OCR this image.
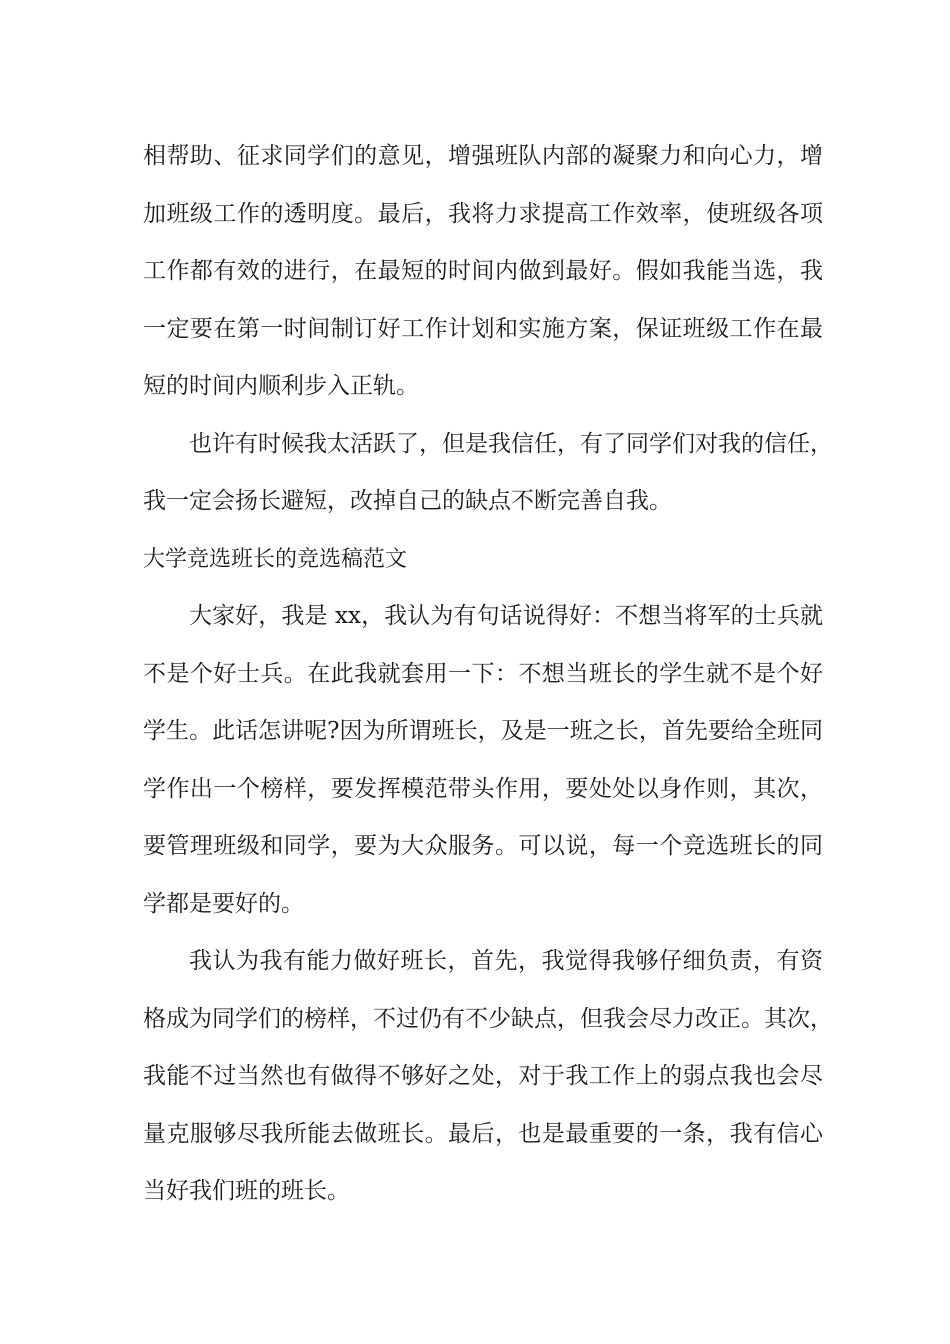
相帮助、征求同学们的意见，增强班队内部的凝聚力和向心力，增
加班级工作的透明度。最后，我将力求提高工作效率，使班级各项
工作都有效的进行，在最短的时间内做到最好。假如我能当选，我
一定要在第一时间制订好工作计划和实施方案，保证班级工作在最
短的时间内顺利步入正轨。
也许有时候我太活跃了，但是我信任，有了同学们对我的信任，
我一定会扬长避短，改掉自己的缺点不断完善自我。
大学竞选班长的竞选稿范文
大家好，我是 xx，我认为有句话说得好：不想当将军的士兵就
不是个好士兵。在此我就套用一下：不想当班长的学生就不是个好
学生。此话怎讲呢?因为所谓班长，及是一班之长，首先要给全班同
学作出一个榜样，要发挥模范带头作用，要处处以身作则，其次，
要管理班级和同学，要为大众服务。可以说，每一个竞选班长的同
学都是要好的。
我认为我有能力做好班长，首先，我觉得我够仔细负责，有资
格成为同学们的榜样，不过仍有不少缺点，但我会尽力改正。其次，
我能不过当然也有做得不够好之处，对于我工作上的弱点我也会尽
量克服够尽我所能去做班长。最后，也是最重要的一条，我有信心
当好我们班的班长。
